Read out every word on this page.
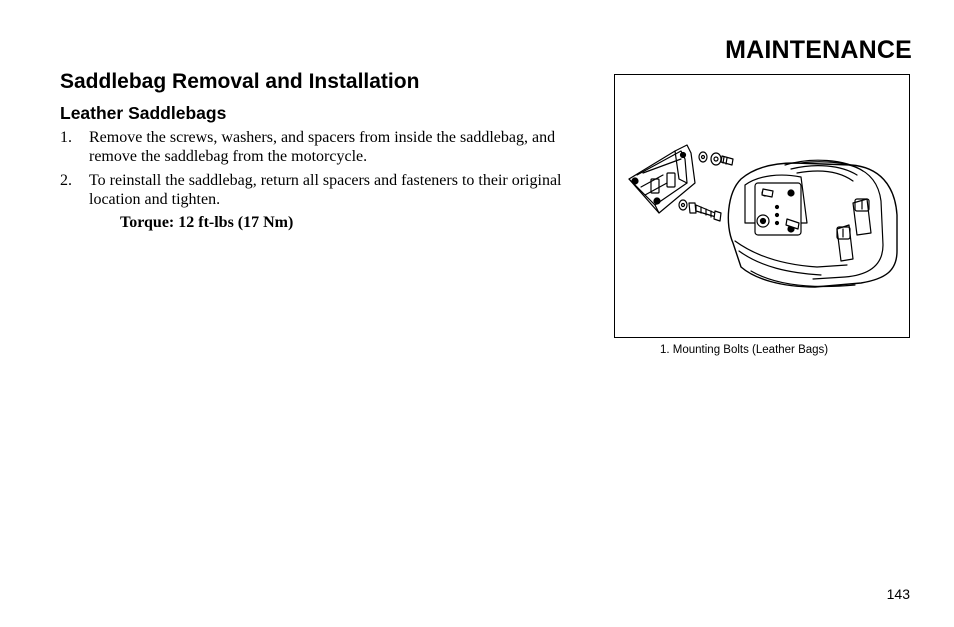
MAINTENANCE
Saddlebag Removal and Installation
Leather Saddlebags
1. Remove the screws, washers, and spacers from inside the saddlebag, and remove the saddlebag from the motorcycle.
2. To reinstall the saddlebag, return all spacers and fasteners to their original location and tighten.
Torque: 12 ft-lbs (17 Nm)
1. Mounting Bolts (Leather Bags)
143
